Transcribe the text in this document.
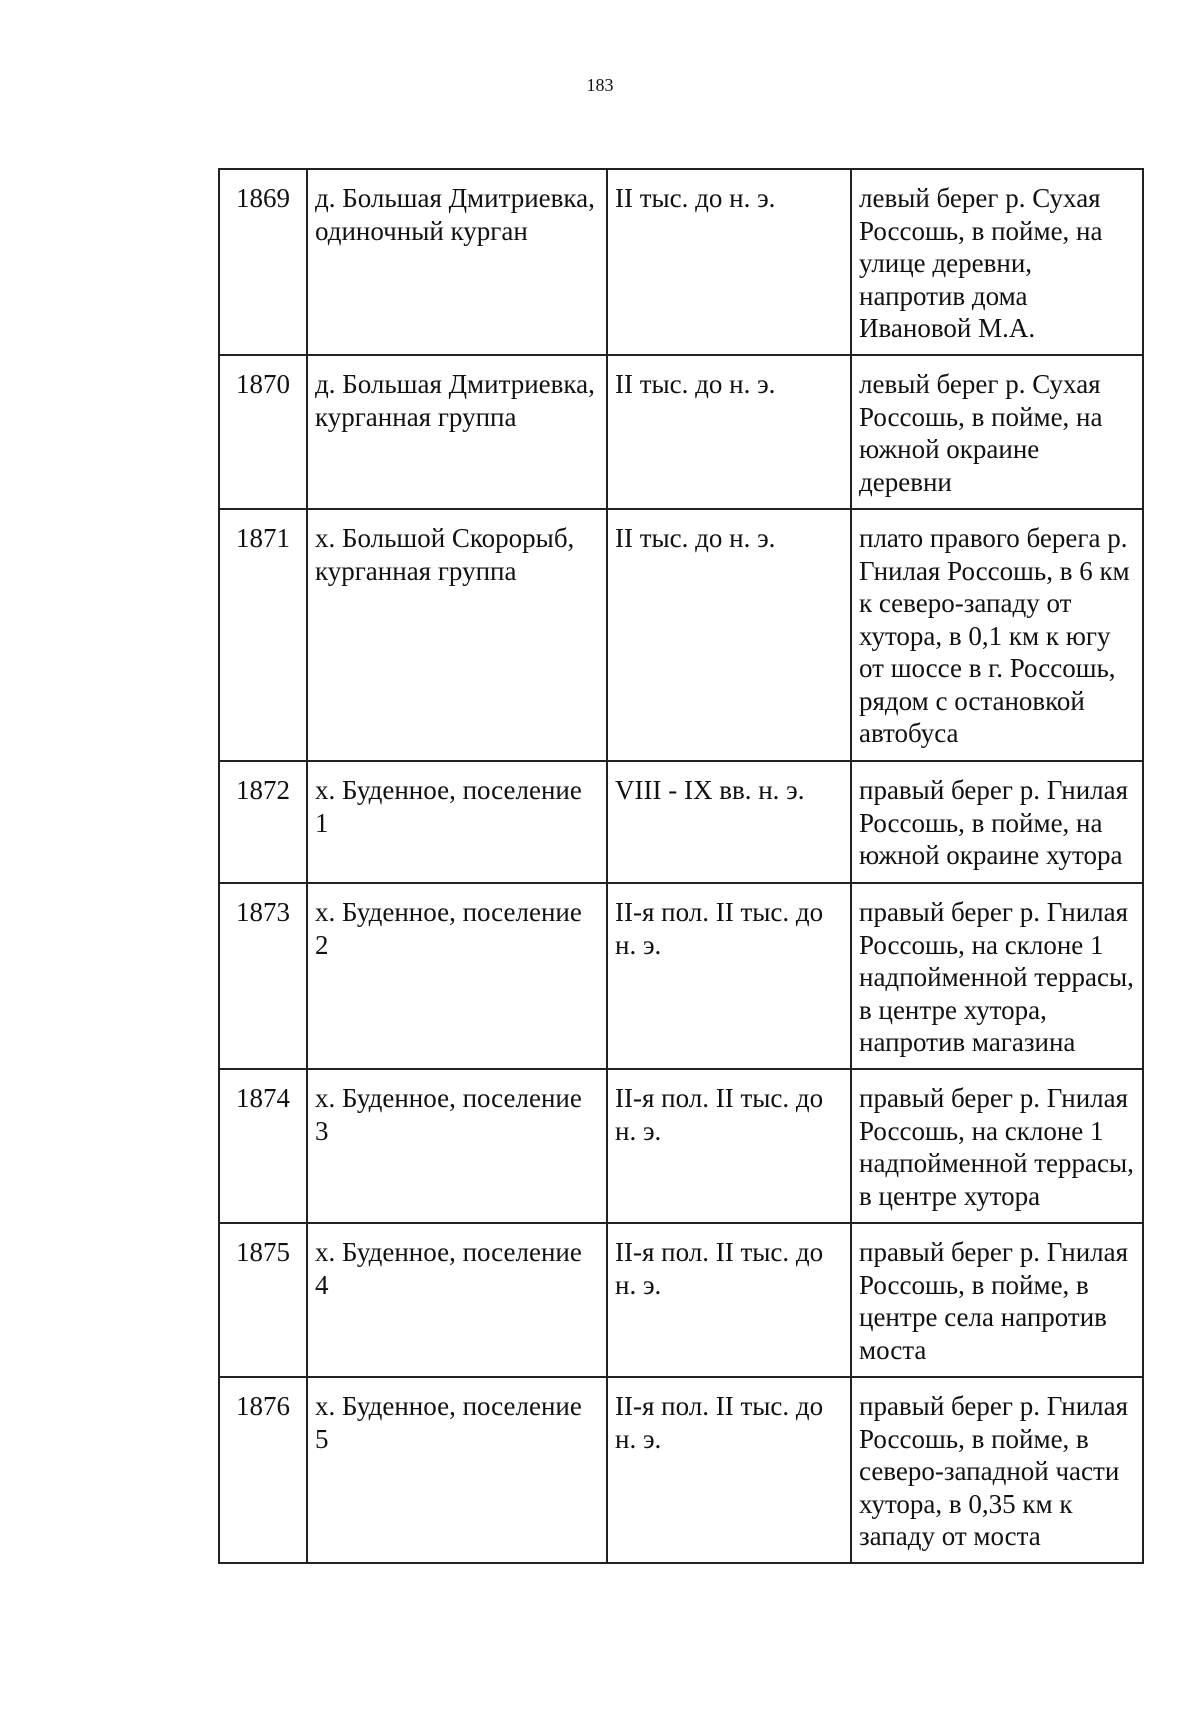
183
1869	д. Большая Дмитриевка, одиночный курган	II тыс. до н. э.	левый берег р. Сухая Россошь, в пойме, на улице деревни, напротив дома Ивановой М.А.
1870	д. Большая Дмитриевка, курганная группа	II тыс. до н. э.	левый берег р. Сухая Россошь, в пойме, на южной окраине деревни
1871	х. Большой Скорорыб, курганная группа	II тыс. до н. э.	плато правого берега р. Гнилая Россошь, в 6 км к северо-западу от хутора, в 0,1 км к югу от шоссе в г. Россошь, рядом с остановкой автобуса
1872	х. Буденное, поселение 1	VIII - IX вв. н. э.	правый берег р. Гнилая Россошь, в пойме, на южной окраине хутора
1873	х. Буденное, поселение 2	II-я пол. II тыс. до н. э.	правый берег р. Гнилая Россошь, на склоне 1 надпойменной террасы, в центре хутора, напротив магазина
1874	х. Буденное, поселение 3	II-я пол. II тыс. до н. э.	правый берег р. Гнилая Россошь, на склоне 1 надпойменной террасы, в центре хутора
1875	х. Буденное, поселение 4	II-я пол. II тыс. до н. э.	правый берег р. Гнилая Россошь, в пойме, в центре села напротив моста
1876	х. Буденное, поселение 5	II-я пол. II тыс. до н. э.	правый берег р. Гнилая Россошь, в пойме, в северо-западной части хутора, в 0,35 км к западу от моста
